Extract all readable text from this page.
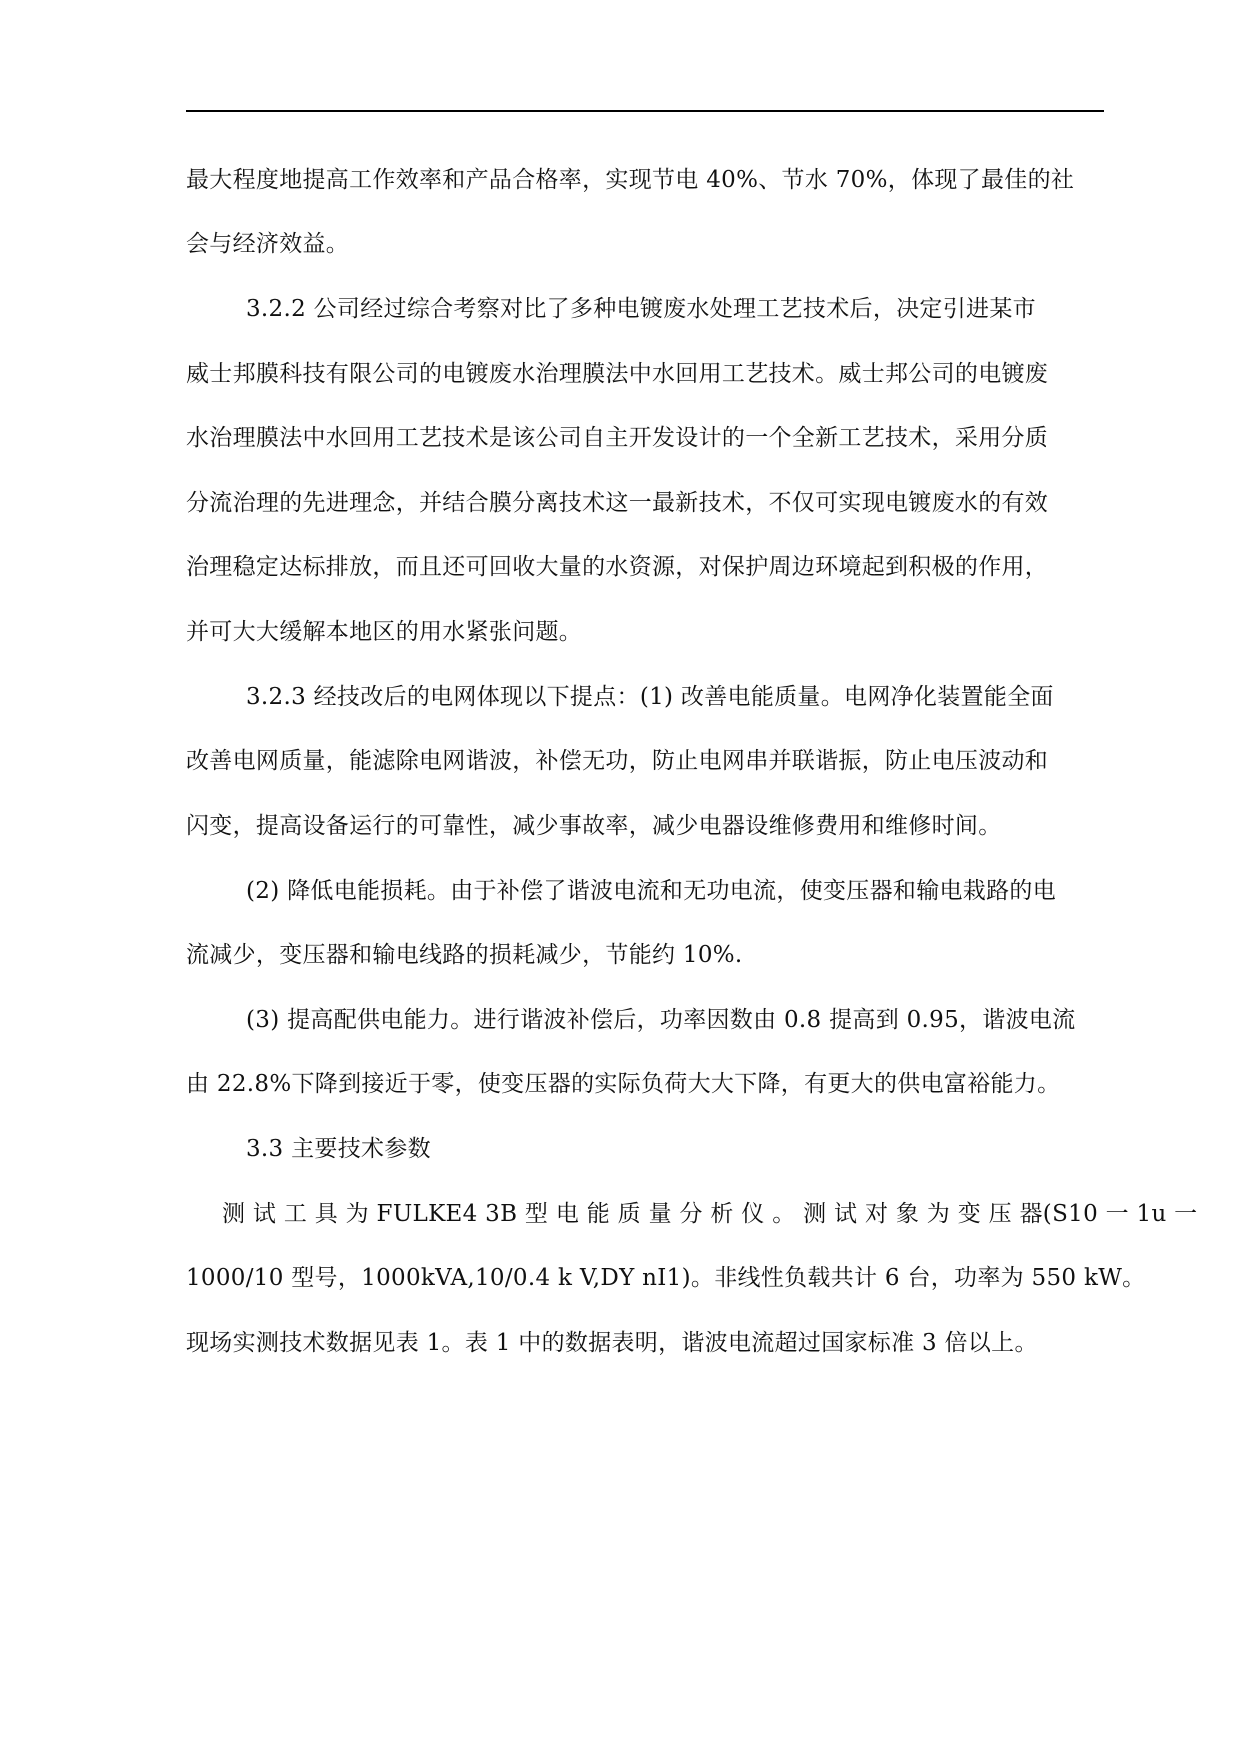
最大程度地提高工作效率和产品合格率，实现节电 40%、节水 70%，体现了最佳的社
会与经济效益。
3.2.2 公司经过综合考察对比了多种电镀废水处理工艺技术后，决定引进某市
威士邦膜科技有限公司的电镀废水治理膜法中水回用工艺技术。威士邦公司的电镀废
水治理膜法中水回用工艺技术是该公司自主开发设计的一个全新工艺技术，采用分质
分流治理的先进理念，并结合膜分离技术这一最新技术，不仅可实现电镀废水的有效
治理稳定达标排放，而且还可回收大量的水资源，对保护周边环境起到积极的作用，
并可大大缓解本地区的用水紧张问题。
3.2.3 经技改后的电网体现以下提点：(1) 改善电能质量。电网净化装置能全面
改善电网质量，能滤除电网谐波，补偿无功，防止电网串并联谐振，防止电压波动和
闪变，提高设备运行的可靠性，减少事故率，减少电器设维修费用和维修时间。
(2) 降低电能损耗。由于补偿了谐波电流和无功电流，使变压器和输电栽路的电
流减少，变压器和输电线路的损耗减少，节能约 10%.
(3) 提高配供电能力。进行谐波补偿后，功率因数由 0.8 提高到 0.95，谐波电流
由 22.8%下降到接近于零，使变压器的实际负荷大大下降，有更大的供电富裕能力。
3.3 主要技术参数
测 试 工 具 为 FULKE4 3B 型 电 能 质 量 分 析 仪 。 测 试 对 象 为 变 压 器(S10 一 1u 一
1000/10 型号，1000kVA,10/0.4 k V,DY nI1)。非线性负载共计 6 台，功率为 550 kW。
现场实测技术数据见表 1。表 1 中的数据表明，谐波电流超过国家标准 3 倍以上。
